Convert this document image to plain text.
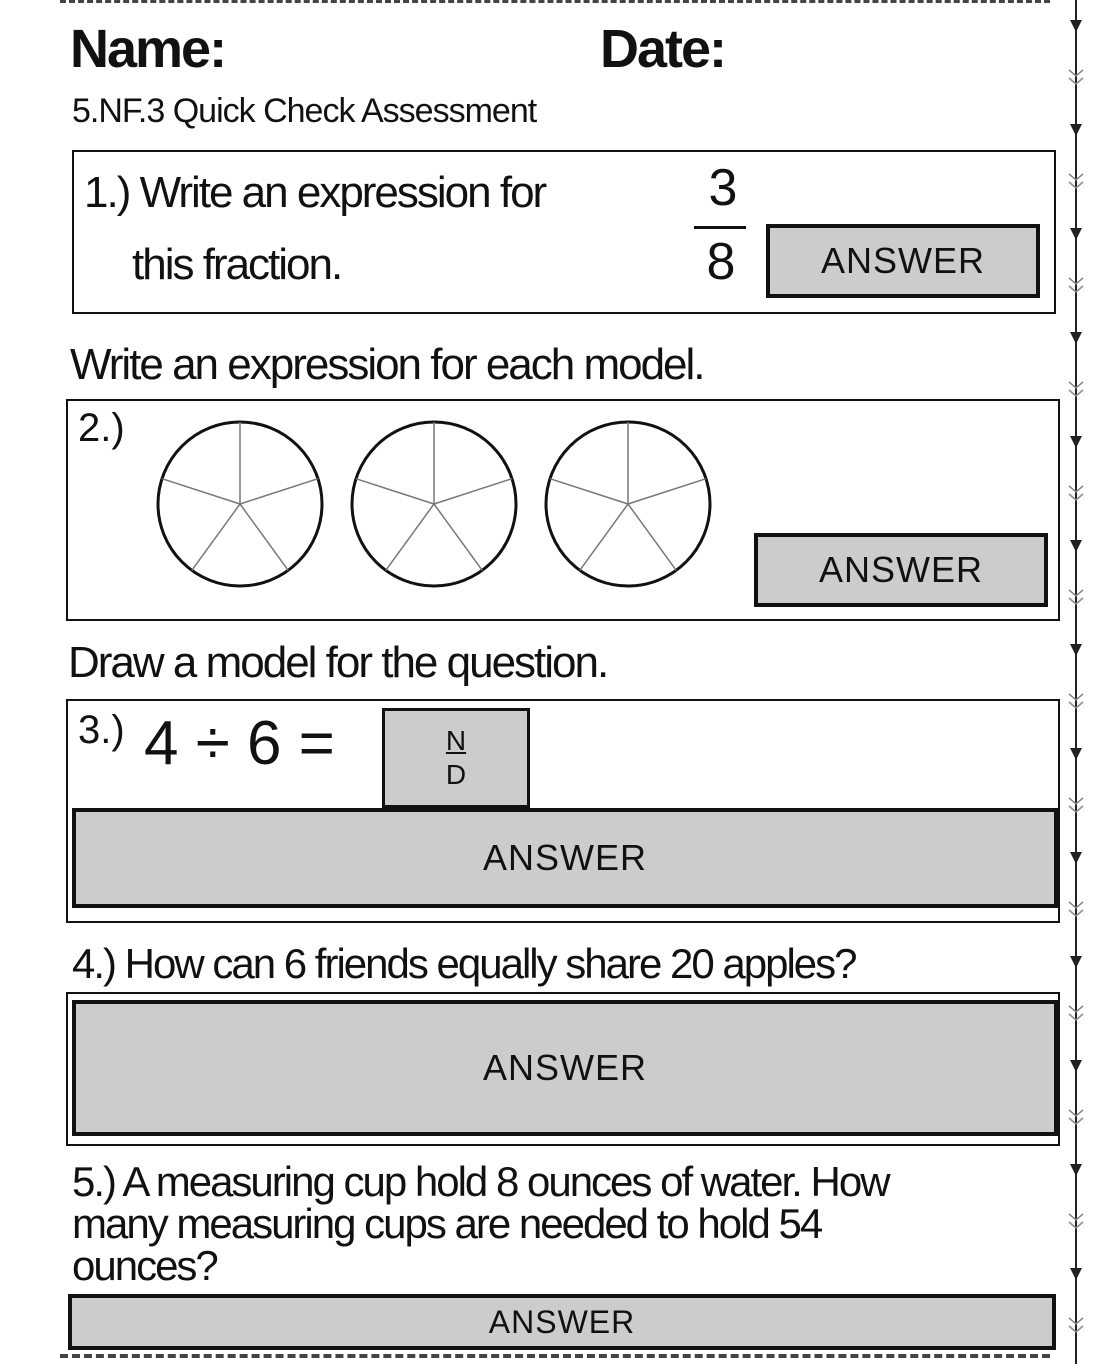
Name:	Date:
5.NF.3 Quick Check Assessment
1.) Write an expression for
this fraction.
3
8	ANSWER
Write an expression for each model.
2.)
ANSWER
Draw a model for the question.
3.) $4 \div 6 = \frac{N}{D}$
ANSWER
4.) How can 6 friends equally share 20 apples?
ANSWER
5.) A measuring cup hold 8 ounces of water. How
many measuring cups are needed to hold 54
ounces?
ANSWER
